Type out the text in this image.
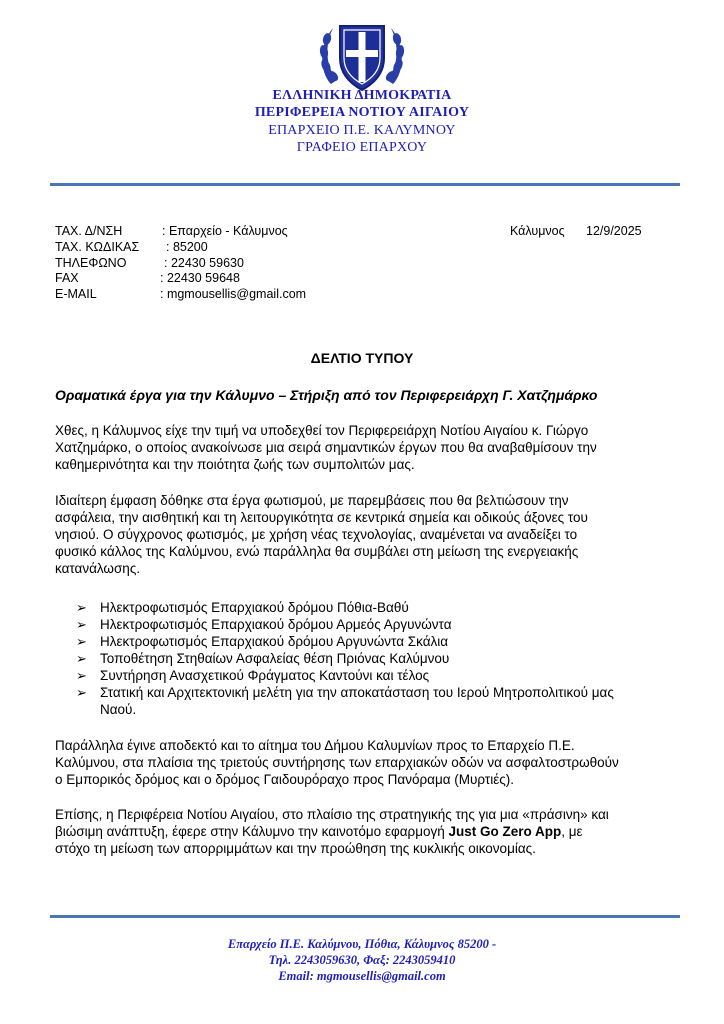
ΕΛΛΗΝΙΚΗ ΔΗΜΟΚΡΑΤΙΑ
ΠΕΡΙΦΕΡΕΙΑ ΝΟΤΙΟΥ ΑΙΓΑΙΟΥ
ΕΠΑΡΧΕΙΟ Π.Ε. ΚΑΛΥΜΝΟΥ
ΓΡΑΦΕΙΟ ΕΠΑΡΧΟΥ
ΤΑΧ. Δ/ΝΣΗ	: Επαρχείο - Κάλυμνος
ΤΑΧ. ΚΩΔΙΚΑΣ : 85200
ΤΗΛΕΦΩΝΟ	: 22430 59630
FAX	: 22430 59648
E-MAIL	: mgmousellis@gmail.com
Κάλυμνος 12/9/2025
ΔΕΛΤΙΟ ΤΥΠΟΥ
Οραματικά έργα για την Κάλυμνο – Στήριξη από τον Περιφερειάρχη Γ. Χατζημάρκο
Χθες, η Κάλυμνος είχε την τιμή να υποδεχθεί τον Περιφερειάρχη Νοτίου Αιγαίου κ. Γιώργο
Χατζημάρκο, ο οποίος ανακοίνωσε μια σειρά σημαντικών έργων που θα αναβαθμίσουν την
καθημερινότητα και την ποιότητα ζωής των συμπολιτών μας.
Ιδιαίτερη έμφαση δόθηκε στα έργα φωτισμού, με παρεμβάσεις που θα βελτιώσουν την
ασφάλεια, την αισθητική και τη λειτουργικότητα σε κεντρικά σημεία και οδικούς άξονες του
νησιού. Ο σύγχρονος φωτισμός, με χρήση νέας τεχνολογίας, αναμένεται να αναδείξει το
φυσικό κάλλος της Καλύμνου, ενώ παράλληλα θα συμβάλει στη μείωση της ενεργειακής
κατανάλωσης.
➢ Ηλεκτροφωτισμός Επαρχιακού δρόμου Πόθια-Βαθύ
➢ Ηλεκτροφωτισμός Επαρχιακού δρόμου Αρμεός Αργυνώντα
➢ Ηλεκτροφωτισμός Επαρχιακού δρόμου Αργυνώντα Σκάλια
➢ Τοποθέτηση Στηθαίων Ασφαλείας θέση Πριόνας Καλύμνου
➢ Συντήρηση Ανασχετικού Φράγματος Καντούνι και τέλος
➢ Στατική και Αρχιτεκτονική μελέτη για την αποκατάσταση του Ιερού Μητροπολιτικού μας
Ναού.
Παράλληλα έγινε αποδεκτό και το αίτημα του Δήμου Καλυμνίων προς το Επαρχείο Π.Ε.
Καλύμνου, στα πλαίσια της τριετούς συντήρησης των επαρχιακών οδών να ασφαλτοστρωθούν
ο Εμπορικός δρόμος και ο δρόμος Γαιδουρόραχο προς Πανόραμα (Μυρτιές).
Επίσης, η Περιφέρεια Νοτίου Αιγαίου, στο πλαίσιο της στρατηγικής της για μια «πράσινη» και
βιώσιμη ανάπτυξη, έφερε στην Κάλυμνο την καινοτόμο εφαρμογή Just Go Zero App, με
στόχο τη μείωση των απορριμμάτων και την προώθηση της κυκλικής οικονομίας.
Επαρχείο Π.Ε. Καλύμνου, Πόθια, Κάλυμνος 85200 -
Τηλ. 2243059630, Φαξ: 2243059410
Email: mgmousellis@gmail.com
